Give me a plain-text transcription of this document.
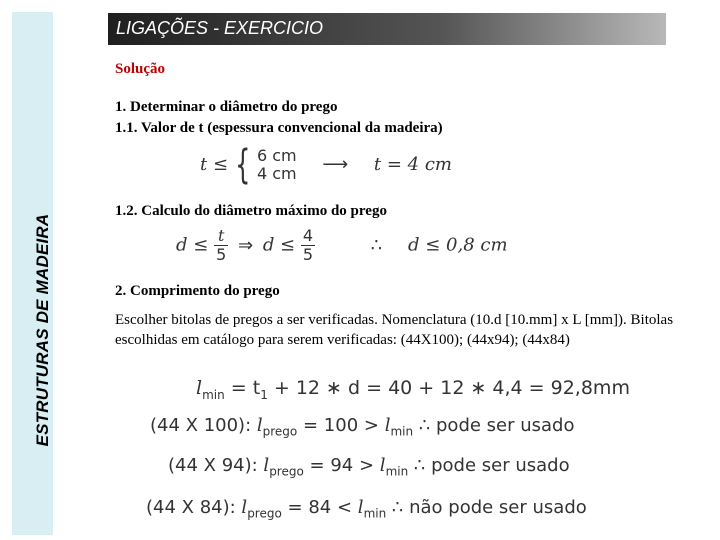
ESTRUTURAS DE MADEIRA
LIGAÇÕES - EXERCICIO
Solução
1. Determinar o diâmetro do prego
1.1. Valor de t (espessura convencional da madeira)
t ≤ { 6 cm
4 cm ⟶ t = 4 cm
1.2. Calculo do diâmetro máximo do prego
$d \le \frac{t}{5}$ ⇒ $d \le \frac{4}{5}$	∴ d ≤ 0,8 cm
2. Comprimento do prego
Escolher bitolas de pregos a ser verificadas. Nomenclatura (10.d [10.mm] x L [mm]). Bitolas escolhidas em catálogo para serem verificadas: (44X100); (44x94); (44x84)
$l_{min} = t_1 + 12$ ∗ d = 40 + 12 ∗ 4,4 = 92,8mm
(44 X 100): $l_{prego} = 100 > l_{min}$ ∴ pode ser usado
(44 X 94): $l_{prego} = 94 > l_{min}$ ∴ pode ser usado
(44 X 84): $l_{prego} = 84 < l_{min}$ ∴ não pode ser usado
